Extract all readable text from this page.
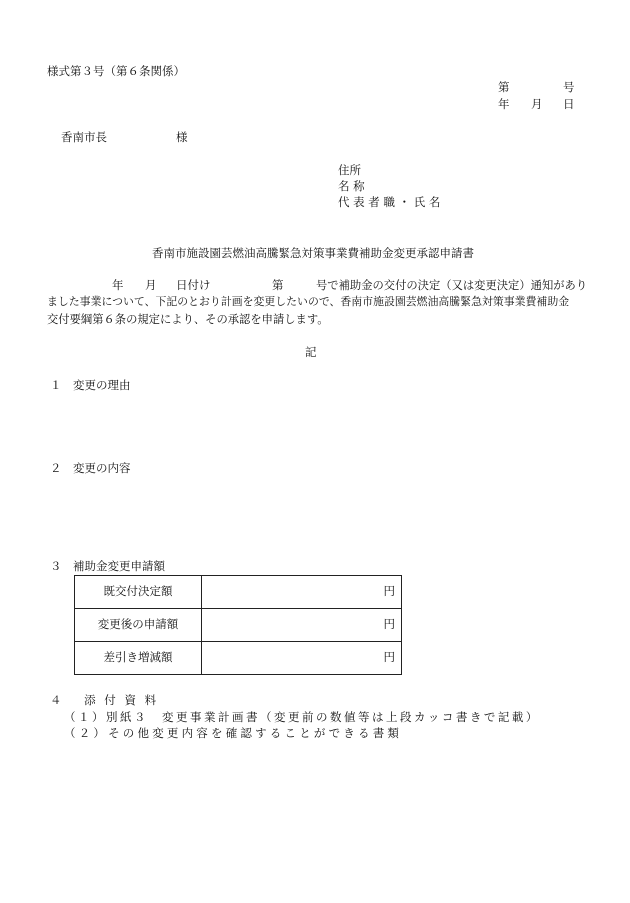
様式第３号（第６条関係）
第	号
年 月 日
香南市長	様
住所
名 称
代 表 者 職 ・ 氏 名
香南市施設園芸燃油高騰緊急対策事業費補助金変更承認申請書
年 月 日付け	第	号で補助金の交付の決定（又は変更決定）通知があり
ました事業について、下記のとおり計画を変更したいので、香南市施設園芸燃油高騰緊急対策事業費補助金
交付要綱第６条の規定により、その承認を申請します。
記
１　変更の理由
２　変更の内容
３　補助金変更申請額
既交付決定額	円
変更後の申請額	円
差引き増減額	円
４　 添 付 資 料
（１）別紙３　変更事業計画書（変更前の数値等は上段カッコ書きで記載）
（２）その他変更内容を確認することができる書類
